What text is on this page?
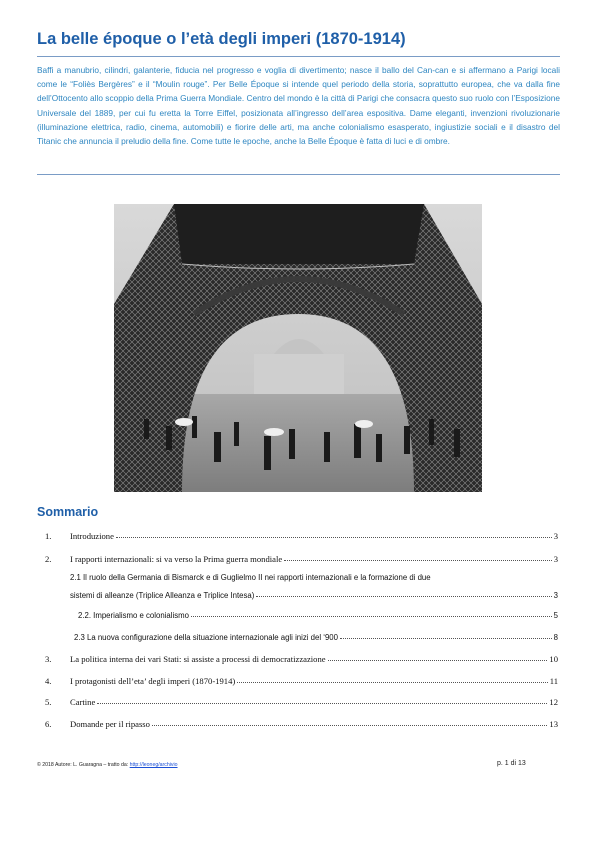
La belle époque o l’età degli imperi (1870-1914)
Baffi a manubrio, cilindri, galanterie, fiducia nel progresso e voglia di divertimento; nasce il ballo del Can-can e si affermano a Parigi locali come le “Foliès Bergères” e il “Moulin rouge”. Per Belle Époque si intende quel periodo della storia, soprattutto europea, che va dalla fine dell’Ottocento allo scoppio della Prima Guerra Mondiale. Centro del mondo è la città di Parigi che consacra questo suo ruolo con l’Esposizione Universale del 1889, per cui fu eretta la Torre Eiffel, posizionata all’ingresso dell’area espositiva. Dame eleganti, invenzioni rivoluzionarie (illuminazione elettrica, radio, cinema, automobili) e fiorire delle arti, ma anche colonialismo esasperato, ingiustizie sociali e il disastro del Titanic che annuncia il preludio della fine. Come tutte le epoche, anche la Belle Époque è fatta di luci e di ombre.
Sommario
1.	Introduzione	3
2.	I rapporti internazionali: si va verso la Prima guerra mondiale	3
2.1 Il ruolo della Germania di Bismarck e di Guglielmo II nei rapporti internazionali e la formazione di due
sistemi di alleanze (Triplice Alleanza e Triplice Intesa)	3
2.2. Imperialismo e colonialismo	5
2.3 La nuova configurazione della situazione internazionale agli inizi del ‘900	8
3.	La politica interna dei vari Stati: si assiste a processi di democratizzazione	10
4.	I protagonisti dell’eta’ degli imperi (1870-1914)	11
5.	Cartine	12
6.	Domande per il ripasso	13
© 2018 Autore: L. Guaragna – tratto da: http://leoneg/archivio	p. 1 di 13
